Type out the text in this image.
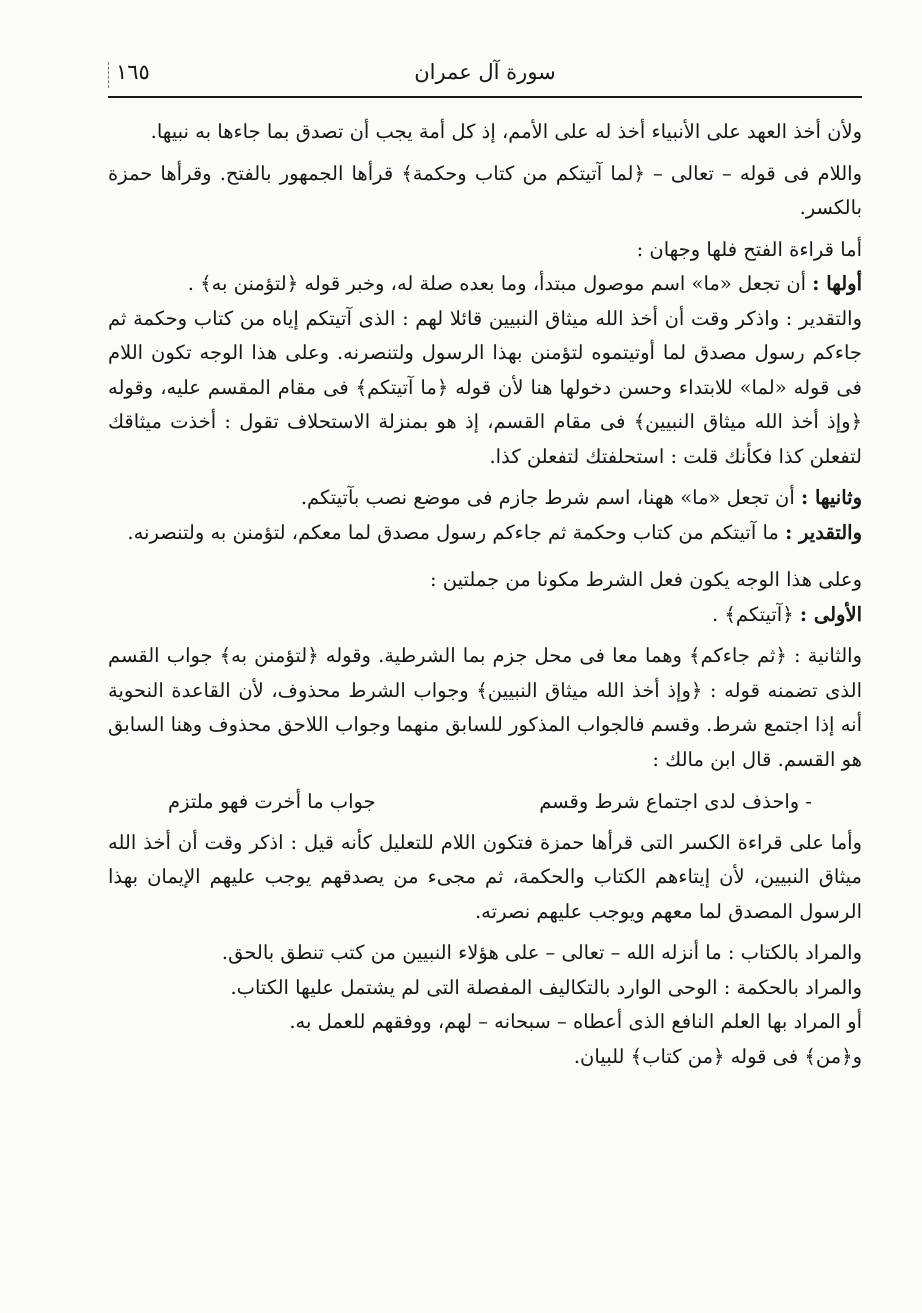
١٦٥	سورة آل عمران

ولأن أخذ العهد على الأنبياء أخذ له على الأمم، إذ كل أمة يجب أن تصدق بما جاءها به نبيها.

واللام فى قوله – تعالى – ﴿لما آتيتكم من كتاب وحكمة﴾ قرأها الجمهور بالفتح. وقرأها حمزة بالكسر.

أما قراءة الفتح فلها وجهان :

أولها : أن تجعل «ما» اسم موصول مبتدأ، وما بعده صلة له، وخبر قوله ﴿لتؤمنن به﴾ .

والتقدير : واذكر وقت أن أخذ الله ميثاق النبيين قائلا لهم : الذى آتيتكم إياه من كتاب وحكمة ثم جاءكم رسول مصدق لما أوتيتموه لتؤمنن بهذا الرسول ولتنصرنه. وعلى هذا الوجه تكون اللام فى قوله «لما» للابتداء وحسن دخولها هنا لأن قوله ﴿ما آتيتكم﴾ فى مقام المقسم عليه، وقوله ﴿وإذ أخذ الله ميثاق النبيين﴾ فى مقام القسم، إذ هو بمنزلة الاستحلاف تقول : أخذت ميثاقك لتفعلن كذا فكأنك قلت : استحلفتك لتفعلن كذا.

وثانيها : أن تجعل «ما» ههنا، اسم شرط جازم فى موضع نصب بآتيتكم.

والتقدير : ما آتيتكم من كتاب وحكمة ثم جاءكم رسول مصدق لما معكم، لتؤمنن به ولتنصرنه.

وعلى هذا الوجه يكون فعل الشرط مكونا من جملتين :

الأولى : ﴿آتيتكم﴾ .

والثانية : ﴿ثم جاءكم﴾ وهما معا فى محل جزم بما الشرطية. وقوله ﴿لتؤمنن به﴾ جواب القسم الذى تضمنه قوله : ﴿وإذ أخذ الله ميثاق النبيين﴾ وجواب الشرط محذوف، لأن القاعدة النحوية أنه إذا اجتمع شرط. وقسم فالجواب المذكور للسابق منهما وجواب اللاحق محذوف وهنا السابق هو القسم. قال ابن مالك :

- واحذف لدى اجتماع شرط وقسم
جواب ما أخرت فهو ملتزم

وأما على قراءة الكسر التى قرأها حمزة فتكون اللام للتعليل كأنه قيل : اذكر وقت أن أخذ الله ميثاق النبيين، لأن إيتاءهم الكتاب والحكمة، ثم مجىء من يصدقهم يوجب عليهم الإيمان بهذا الرسول المصدق لما معهم ويوجب عليهم نصرته.

والمراد بالكتاب : ما أنزله الله – تعالى – على هؤلاء النبيين من كتب تنطق بالحق.

والمراد بالحكمة : الوحى الوارد بالتكاليف المفصلة التى لم يشتمل عليها الكتاب.

أو المراد بها العلم النافع الذى أعطاه – سبحانه – لهم، ووفقهم للعمل به.

و﴿من﴾ فى قوله ﴿من كتاب﴾ للبيان.
